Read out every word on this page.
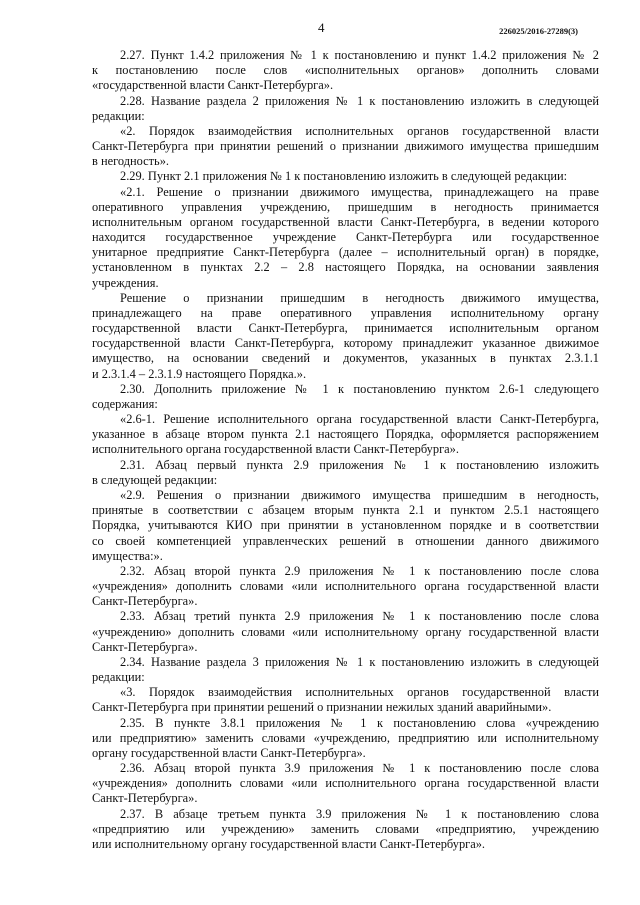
4	226025/2016-27289(3)
2.27. Пункт 1.4.2 приложения № 1 к постановлению и пункт 1.4.2 приложения № 2
к постановлению после слов «исполнительных органов» дополнить словами
«государственной власти Санкт-Петербурга».
2.28. Название раздела 2 приложения № 1 к постановлению изложить в следующей
редакции:
«2. Порядок взаимодействия исполнительных органов государственной власти
Санкт-Петербурга при принятии решений о признании движимого имущества пришедшим
в негодность».
2.29. Пункт 2.1 приложения № 1 к постановлению изложить в следующей редакции:
«2.1. Решение о признании движимого имущества, принадлежащего на праве
оперативного управления учреждению, пришедшим в негодность принимается
исполнительным органом государственной власти Санкт-Петербурга, в ведении которого
находится государственное учреждение Санкт-Петербурга или государственное
унитарное предприятие Санкт-Петербурга (далее – исполнительный орган) в порядке,
установленном в пунктах 2.2 – 2.8 настоящего Порядка, на основании заявления
учреждения.
Решение о признании пришедшим в негодность движимого имущества,
принадлежащего на праве оперативного управления исполнительному органу
государственной власти Санкт-Петербурга, принимается исполнительным органом
государственной власти Санкт-Петербурга, которому принадлежит указанное движимое
имущество, на основании сведений и документов, указанных в пунктах 2.3.1.1
и 2.3.1.4 – 2.3.1.9 настоящего Порядка.».
2.30. Дополнить приложение № 1 к постановлению пунктом 2.6-1 следующего
содержания:
«2.6-1. Решение исполнительного органа государственной власти Санкт-Петербурга,
указанное в абзаце втором пункта 2.1 настоящего Порядка, оформляется распоряжением
исполнительного органа государственной власти Санкт-Петербурга».
2.31. Абзац первый пункта 2.9 приложения № 1 к постановлению изложить
в следующей редакции:
«2.9. Решения о признании движимого имущества пришедшим в негодность,
принятые в соответствии с абзацем вторым пункта 2.1 и пунктом 2.5.1 настоящего
Порядка, учитываются КИО при принятии в установленном порядке и в соответствии
со своей компетенцией управленческих решений в отношении данного движимого
имущества:».
2.32. Абзац второй пункта 2.9 приложения № 1 к постановлению после слова
«учреждения» дополнить словами «или исполнительного органа государственной власти
Санкт-Петербурга».
2.33. Абзац третий пункта 2.9 приложения № 1 к постановлению после слова
«учреждению» дополнить словами «или исполнительному органу государственной власти
Санкт-Петербурга».
2.34. Название раздела 3 приложения № 1 к постановлению изложить в следующей
редакции:
«3. Порядок взаимодействия исполнительных органов государственной власти
Санкт-Петербурга при принятии решений о признании нежилых зданий аварийными».
2.35. В пункте 3.8.1 приложения № 1 к постановлению слова «учреждению
или предприятию» заменить словами «учреждению, предприятию или исполнительному
органу государственной власти Санкт-Петербурга».
2.36. Абзац второй пункта 3.9 приложения № 1 к постановлению после слова
«учреждения» дополнить словами «или исполнительного органа государственной власти
Санкт-Петербурга».
2.37. В абзаце третьем пункта 3.9 приложения № 1 к постановлению слова
«предприятию или учреждению» заменить словами «предприятию, учреждению
или исполнительному органу государственной власти Санкт-Петербурга».
